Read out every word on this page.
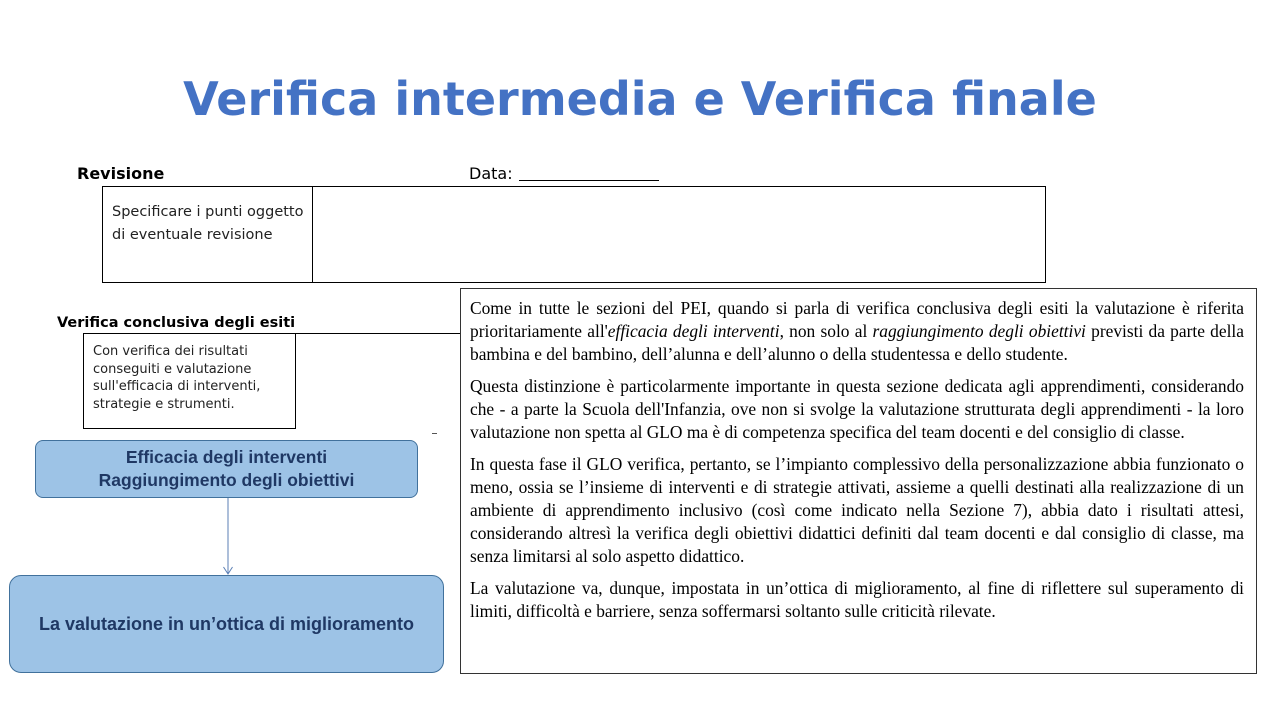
Verifica intermedia e Verifica finale
Revisione	Data:
Specificare i punti oggetto di eventuale revisione
Verifica conclusiva degli esiti
Con verifica dei risultati conseguiti e valutazione sull'efficacia di interventi, strategie e strumenti.
Efficacia degli interventi
Raggiungimento degli obiettivi
La valutazione in un’ottica di miglioramento

Come in tutte le sezioni del PEI, quando si parla di verifica conclusiva degli esiti la valutazione è riferita prioritariamente all'efficacia degli interventi, non solo al raggiungimento degli obiettivi previsti da parte della bambina e del bambino, dell’alunna e dell’alunno o della studentessa e dello studente.

Questa distinzione è particolarmente importante in questa sezione dedicata agli apprendimenti, considerando che - a parte la Scuola dell'Infanzia, ove non si svolge la valutazione strutturata degli apprendimenti - la loro valutazione non spetta al GLO ma è di competenza specifica del team docenti e del consiglio di classe.

In questa fase il GLO verifica, pertanto, se l’impianto complessivo della personalizzazione abbia funzionato o meno, ossia se l’insieme di interventi e di strategie attivati, assieme a quelli destinati alla realizzazione di un ambiente di apprendimento inclusivo (così come indicato nella Sezione 7), abbia dato i risultati attesi, considerando altresì la verifica degli obiettivi didattici definiti dal team docenti e dal consiglio di classe, ma senza limitarsi al solo aspetto didattico.

La valutazione va, dunque, impostata in un’ottica di miglioramento, al fine di riflettere sul superamento di limiti, difficoltà e barriere, senza soffermarsi soltanto sulle criticità rilevate.
